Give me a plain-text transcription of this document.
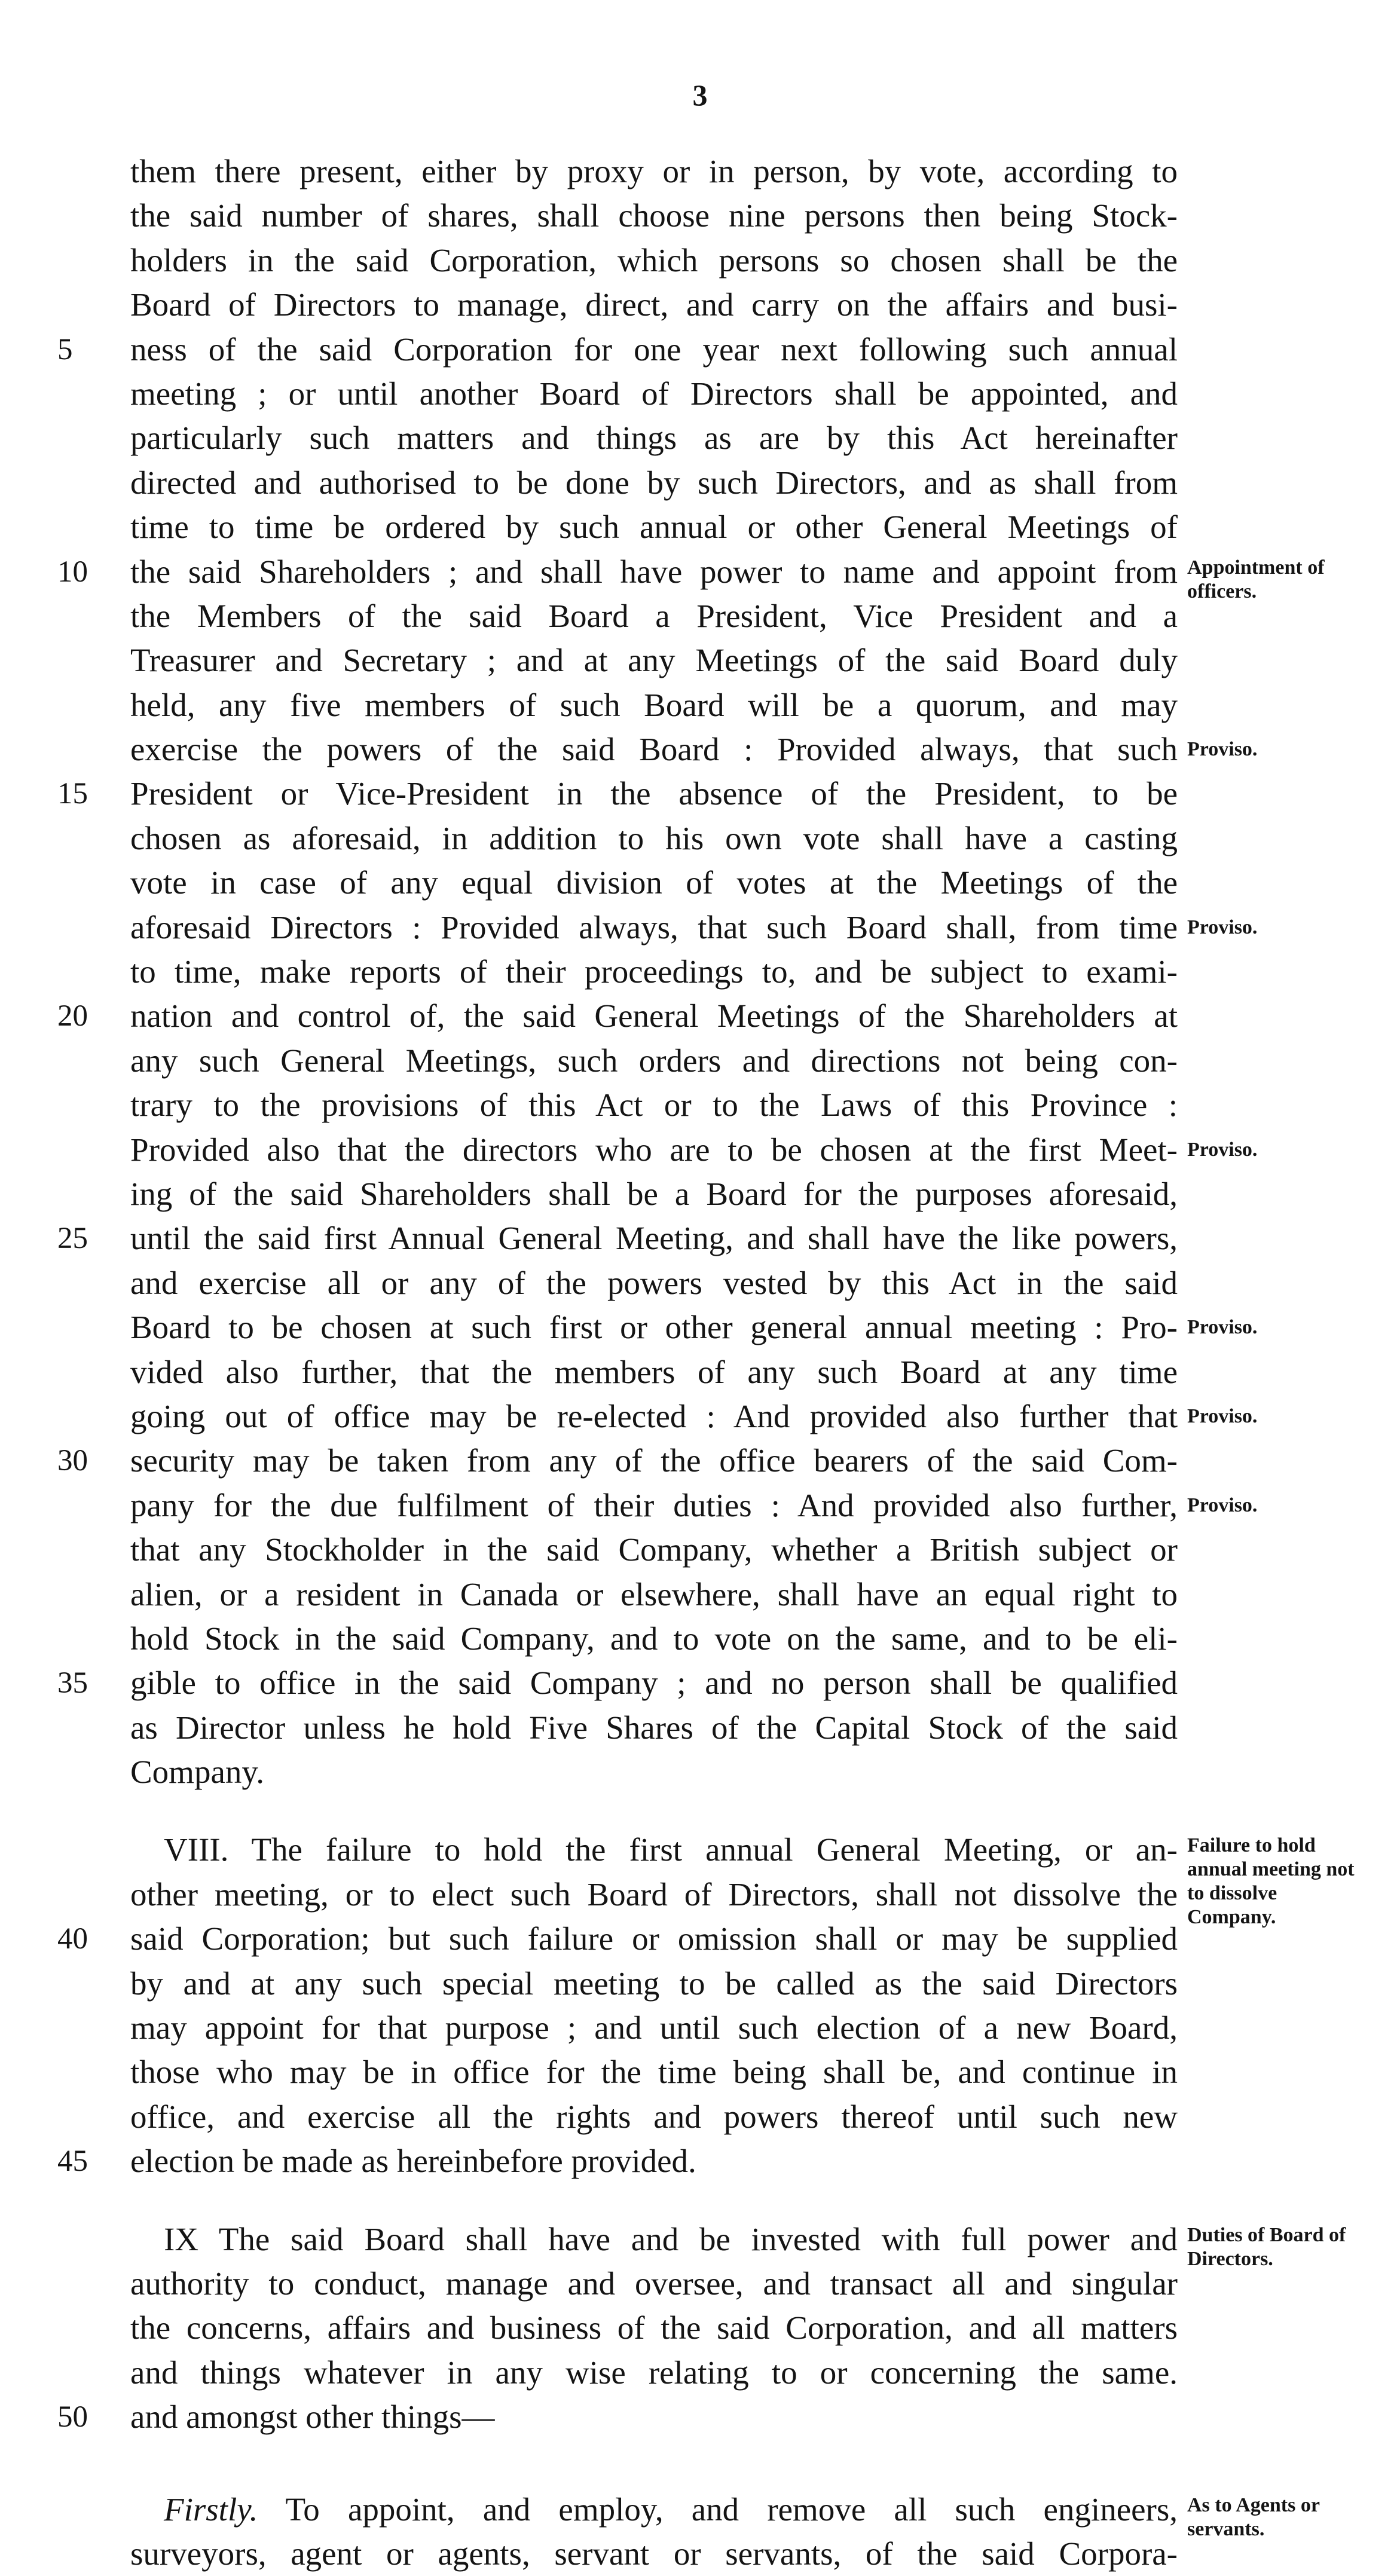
3
them there present, either by proxy or in person, by vote, according to
the said number of shares, shall choose nine persons then being Stock-
holders in the said Corporation, which persons so chosen shall be the
Board of Directors to manage, direct, and carry on the affairs and busi-
5	ness of the said Corporation for one year next following such annual
meeting ; or until another Board of Directors shall be appointed, and
particularly such matters and things as are by this Act hereinafter
directed and authorised to be done by such Directors, and as shall from
time to time be ordered by such annual or other General Meetings of
10	the said Shareholders ; and shall have power to name and appoint from Appointment of officers.
the Members of the said Board a President, Vice President and a
Treasurer and Secretary ; and at any Meetings of the said Board duly
held, any five members of such Board will be a quorum, and may
exercise the powers of the said Board : Provided always, that such Proviso.
15	President or Vice-President in the absence of the President, to be
chosen as aforesaid, in addition to his own vote shall have a casting
vote in case of any equal division of votes at the Meetings of the
aforesaid Directors : Provided always, that such Board shall, from time Proviso.
to time, make reports of their proceedings to, and be subject to exami-
20	nation and control of, the said General Meetings of the Shareholders at
any such General Meetings, such orders and directions not being con-
trary to the provisions of this Act or to the Laws of this Province :
Provided also that the directors who are to be chosen at the first Meet- Proviso.
ing of the said Shareholders shall be a Board for the purposes aforesaid,
25	until the said first Annual General Meeting, and shall have the like powers,
and exercise all or any of the powers vested by this Act in the said
Board to be chosen at such first or other general annual meeting : Pro- Proviso.
vided also further, that the members of any such Board at any time
going out of office may be re-elected : And provided also further that Proviso.
30	security may be taken from any of the office bearers of the said Com-
pany for the due fulfilment of their duties : And provided also further, Proviso.
that any Stockholder in the said Company, whether a British subject or
alien, or a resident in Canada or elsewhere, shall have an equal right to
hold Stock in the said Company, and to vote on the same, and to be eli-
35	gible to office in the said Company ; and no person shall be qualified
as Director unless he hold Five Shares of the Capital Stock of the said
Company.
VIII. The failure to hold the first annual General Meeting, or an- Failure to hold annual meeting not to dissolve Company.
other meeting, or to elect such Board of Directors, shall not dissolve the
40	said Corporation; but such failure or omission shall or may be supplied
by and at any such special meeting to be called as the said Directors
may appoint for that purpose ; and until such election of a new Board,
those who may be in office for the time being shall be, and continue in
office, and exercise all the rights and powers thereof until such new
45	election be made as hereinbefore provided.
IX The said Board shall have and be invested with full power and Duties of Board of Directors.
authority to conduct, manage and oversee, and transact all and singular
the concerns, affairs and business of the said Corporation, and all matters
and things whatever in any wise relating to or concerning the same.
50	and amongst other things—
Firstly. To appoint, and employ, and remove all such engineers, As to Agents or servants.
surveyors, agent or agents, servant or servants, of the said Corpora-
